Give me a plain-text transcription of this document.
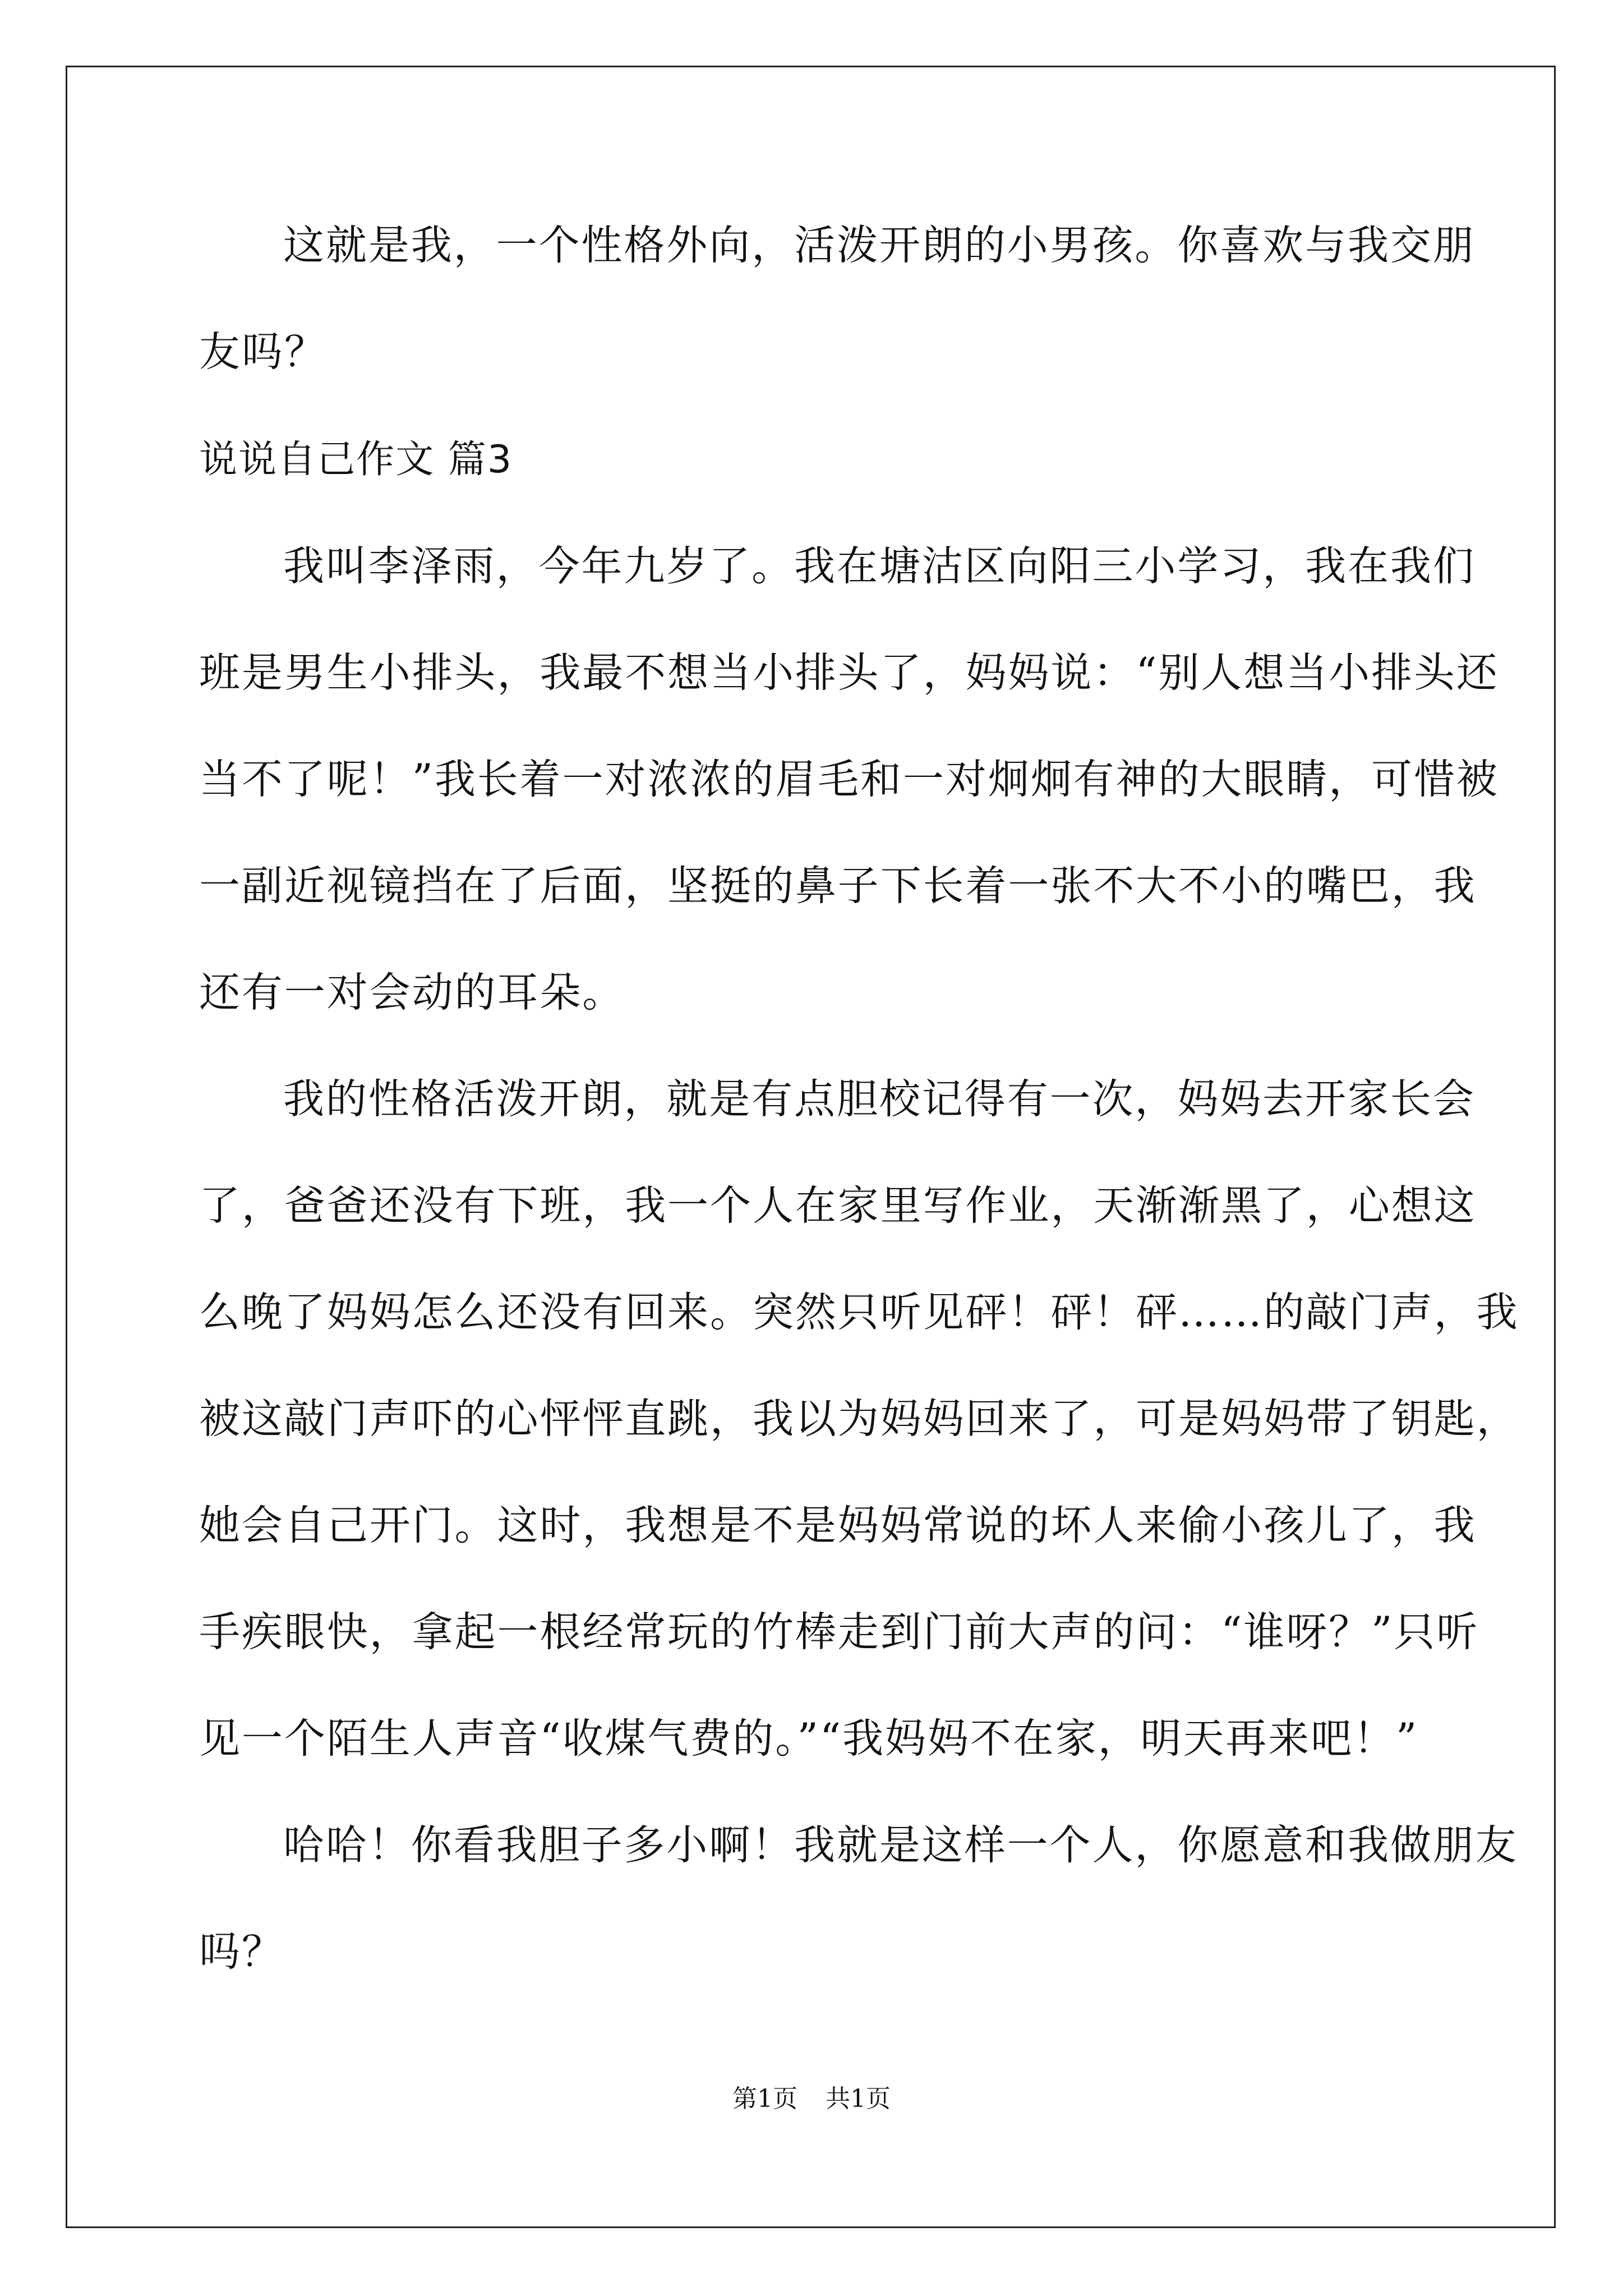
这就是我，一个性格外向，活泼开朗的小男孩。你喜欢与我交朋
友吗？
说说自己作文 篇3
我叫李泽雨，今年九岁了。我在塘沽区向阳三小学习，我在我们
班是男生小排头，我最不想当小排头了，妈妈说：“别人想当小排头还
当不了呢！”我长着一对浓浓的眉毛和一对炯炯有神的大眼睛，可惜被
一副近视镜挡在了后面，坚挺的鼻子下长着一张不大不小的嘴巴，我
还有一对会动的耳朵。
我的性格活泼开朗，就是有点胆校记得有一次，妈妈去开家长会
了，爸爸还没有下班，我一个人在家里写作业，天渐渐黑了，心想这
么晚了妈妈怎么还没有回来。突然只听见砰！砰！砰……的敲门声，我
被这敲门声吓的心怦怦直跳，我以为妈妈回来了，可是妈妈带了钥匙，
她会自己开门。这时，我想是不是妈妈常说的坏人来偷小孩儿了，我
手疾眼快，拿起一根经常玩的竹棒走到门前大声的问：“谁呀？”只听
见一个陌生人声音“收煤气费的。”“我妈妈不在家，明天再来吧！”
哈哈！你看我胆子多小啊！我就是这样一个人，你愿意和我做朋友
吗？
第1页 共1页
